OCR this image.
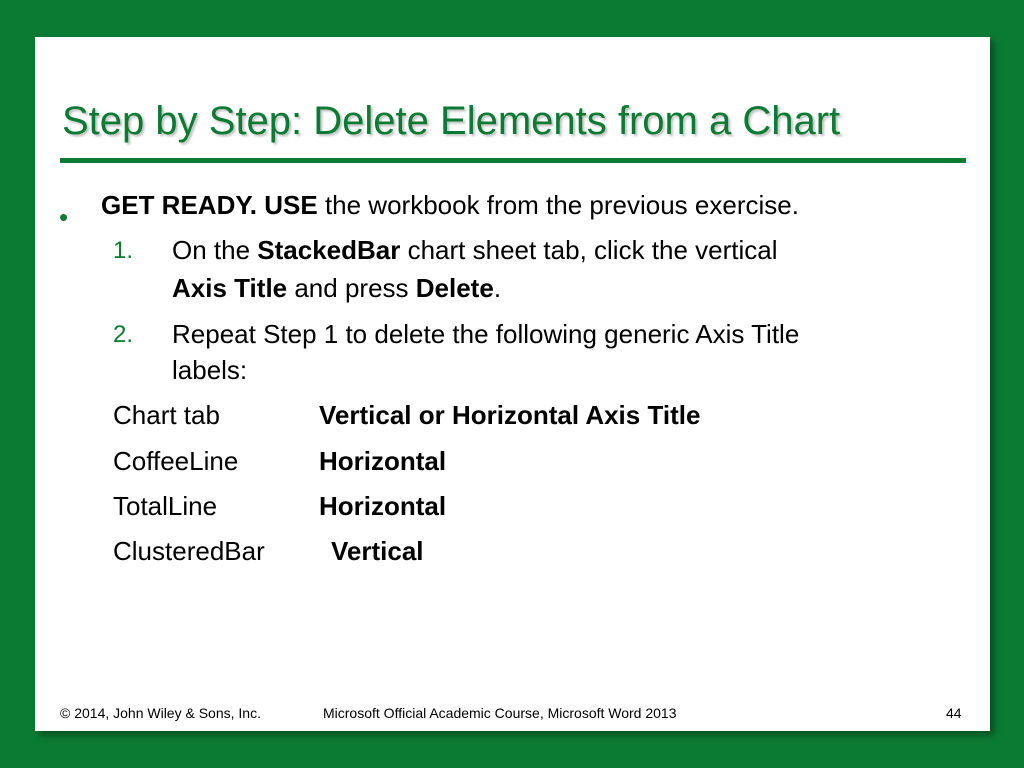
Step by Step: Delete Elements from a Chart
• GET READY. USE the workbook from the previous exercise.
1. On the StackedBar chart sheet tab, click the vertical
Axis Title and press Delete.
2. Repeat Step 1 to delete the following generic Axis Title
labels:
Chart tab	Vertical or Horizontal Axis Title
CoffeeLine	Horizontal
TotalLine	Horizontal
ClusteredBar	Vertical
© 2014, John Wiley & Sons, Inc.	Microsoft Official Academic Course, Microsoft Word 2013	44
